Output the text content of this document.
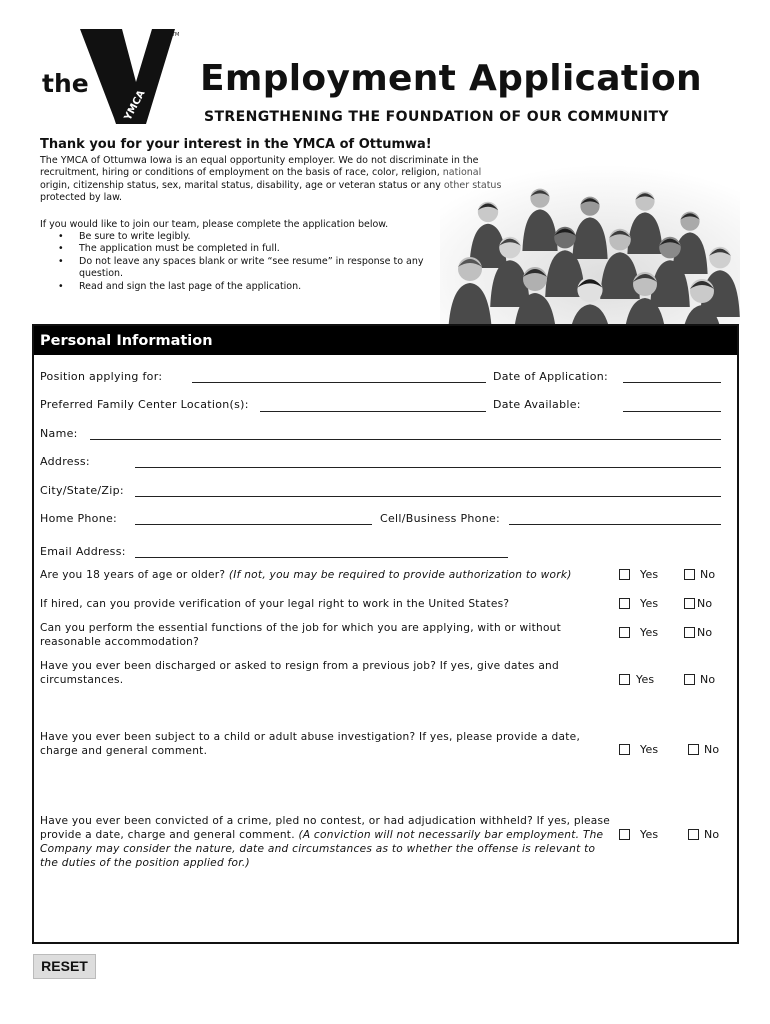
the
YMCA
TM
Employment Application
STRENGTHENING THE FOUNDATION OF OUR COMMUNITY
Thank you for your interest in the YMCA of Ottumwa!
The YMCA of Ottumwa Iowa is an equal opportunity employer. We do not discriminate in the recruitment, hiring or conditions of employment on the basis of race, color, religion, national origin, citizenship status, sex, marital status, disability, age or veteran status or any other status protected by law.
If you would like to join our team, please complete the application below.
• Be sure to write legibly.
• The application must be completed in full.
• Do not leave any spaces blank or write “see resume” in response to any question.
• Read and sign the last page of the application.
Personal Information
Position applying for:	Date of Application:
Preferred Family Center Location(s):	Date Available:
Name:
Address:
City/State/Zip:
Home Phone:	Cell/Business Phone:
Email Address:
Are you 18 years of age or older? (If not, you may be required to provide authorization to work)	Yes	No
If hired, can you provide verification of your legal right to work in the United States?	Yes	No
Can you perform the essential functions of the job for which you are applying, with or without reasonable accommodation?
Yes	No
Have you ever been discharged or asked to resign from a previous job? If yes, give dates and circumstances.	Yes	No
Have you ever been subject to a child or adult abuse investigation? If yes, please provide a date, charge and general comment.	Yes	No
Have you ever been convicted of a crime, pled no contest, or had adjudication withheld? If yes, please provide a date, charge and general comment. (A conviction will not necessarily bar employment. The Company may consider the nature, date and circumstances as to whether the offense is relevant to the duties of the position applied for.)
Yes	No
RESET
